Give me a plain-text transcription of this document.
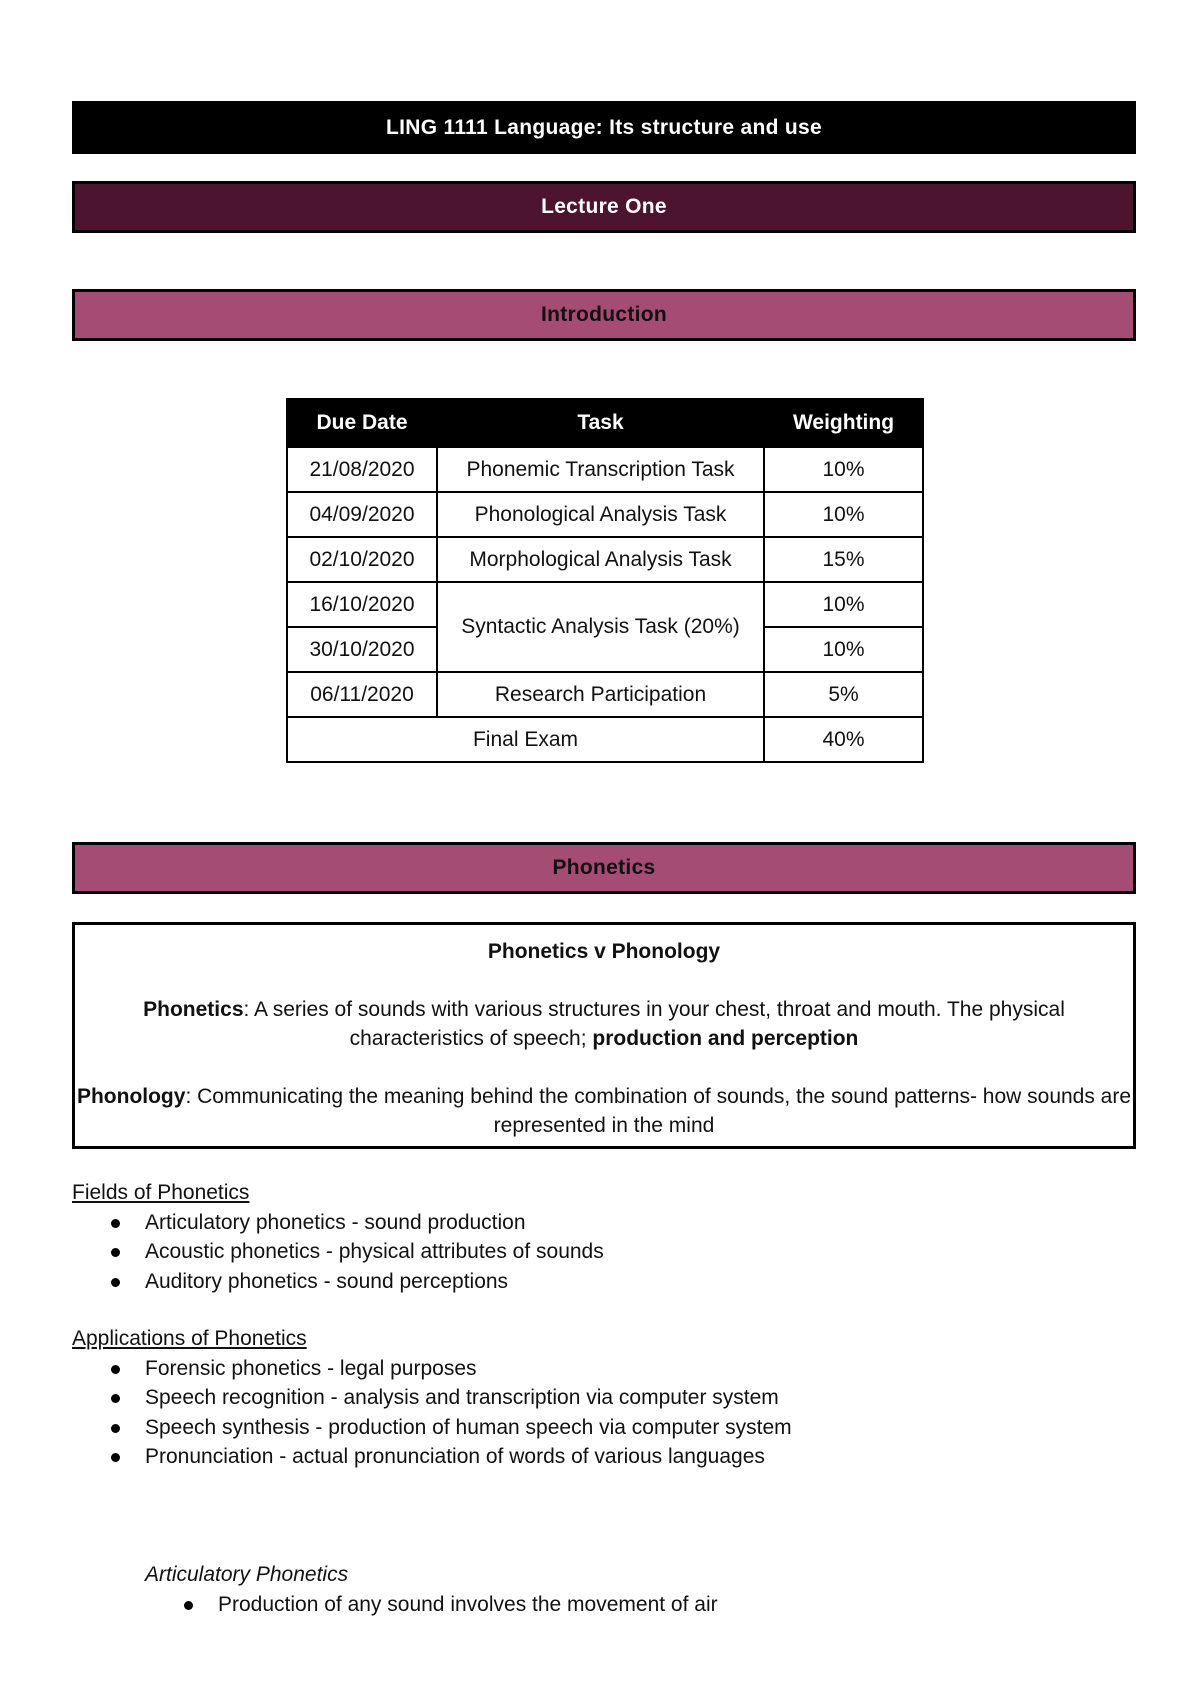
LING 1111 Language: Its structure and use
Lecture One
Introduction
Due Date	Task	Weighting
21/08/2020	Phonemic Transcription Task	10%
04/09/2020	Phonological Analysis Task	10%
02/10/2020	Morphological Analysis Task	15%
16/10/2020	Syntactic Analysis Task (20%)	10%
30/10/2020		10%
06/11/2020	Research Participation	5%
Final Exam		40%
Phonetics

Phonetics v Phonology

Phonetics: A series of sounds with various structures in your chest, throat and mouth. The physical characteristics of speech; production and perception

Phonology: Communicating the meaning behind the combination of sounds, the sound patterns- how sounds are represented in the mind

Fields of Phonetics
Articulatory phonetics - sound production
Acoustic phonetics - physical attributes of sounds
Auditory phonetics - sound perceptions
Applications of Phonetics
Forensic phonetics - legal purposes
Speech recognition - analysis and transcription via computer system
Speech synthesis - production of human speech via computer system
Pronunciation - actual pronunciation of words of various languages
Articulatory Phonetics
Production of any sound involves the movement of air
